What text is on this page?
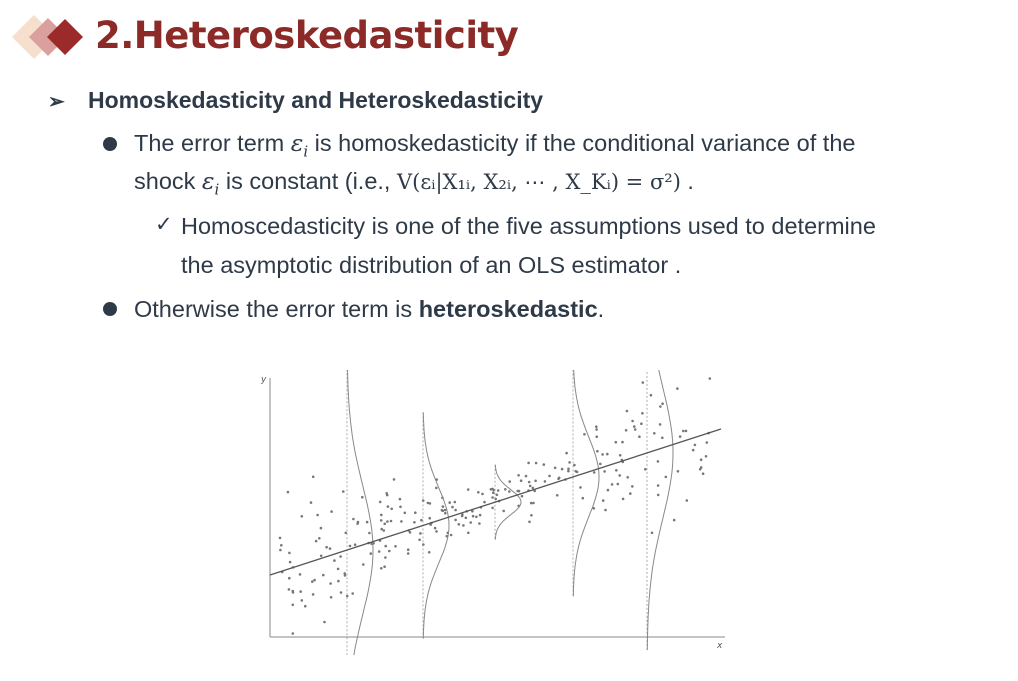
2.Heteroskedasticity
➢ Homoskedasticity and Heteroskedasticity
The error term $\varepsilon_i$ is homoskedasticity if the conditional variance of the
shock $\varepsilon_i$ is constant (i.e., V(εᵢ|X₁ᵢ, X₂ᵢ, ⋯ , X_Kᵢ) = σ²) .
✓ Homoscedasticity is one of the five assumptions used to determine
the asymptotic distribution of an OLS estimator .
Otherwise the error term is heteroskedastic.
y
x
